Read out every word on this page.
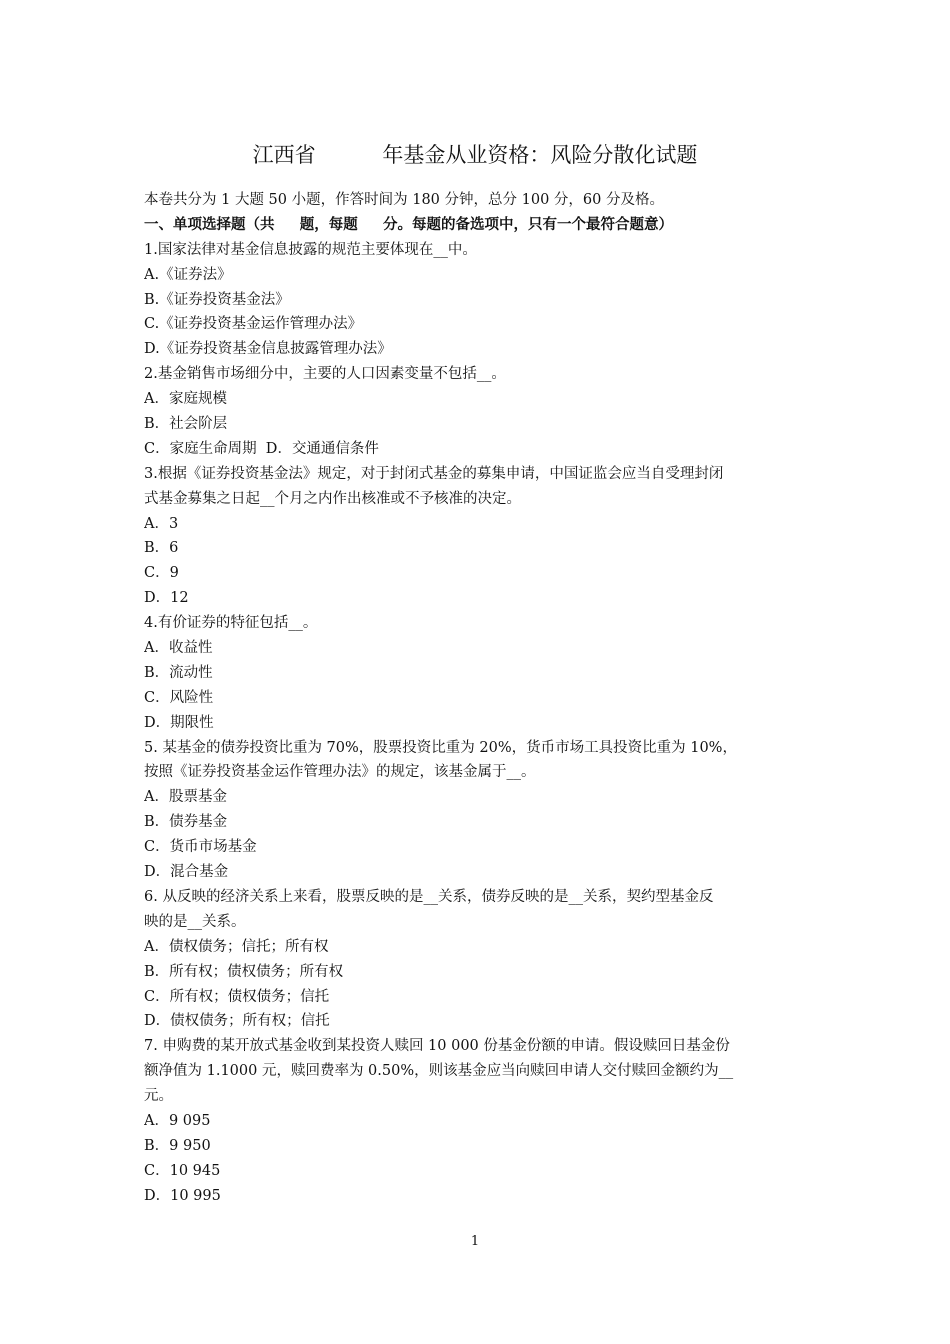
江西省          年基金从业资格：风险分散化试题
本卷共分为 1 大题 50 小题，作答时间为 180 分钟，总分 100 分，60 分及格。
一、单项选择题（共     题，每题     分。每题的备选项中，只有一个最符合题意）
1.国家法律对基金信息披露的规范主要体现在__中。
A.《证券法》
B.《证券投资基金法》
C.《证券投资基金运作管理办法》
D.《证券投资基金信息披露管理办法》
2.基金销售市场细分中，主要的人口因素变量不包括__。
A．家庭规模
B．社会阶层
C．家庭生命周期  D．交通通信条件
3.根据《证券投资基金法》规定，对于封闭式基金的募集申请，中国证监会应当自受理封闭
式基金募集之日起__个月之内作出核准或不予核准的决定。
A．3
B．6
C．9
D．12
4.有价证券的特征包括__。
A．收益性
B．流动性
C．风险性
D．期限性
5. 某基金的债券投资比重为 70%，股票投资比重为 20%，货币市场工具投资比重为 10%，
按照《证券投资基金运作管理办法》的规定，该基金属于__。
A．股票基金
B．债券基金
C．货币市场基金
D．混合基金
6. 从反映的经济关系上来看，股票反映的是__关系，债券反映的是__关系，契约型基金反
映的是__关系。
A．债权债务；信托；所有权
B．所有权；债权债务；所有权
C．所有权；债权债务；信托
D．债权债务；所有权；信托
7. 申购费的某开放式基金收到某投资人赎回 10 000 份基金份额的申请。假设赎回日基金份
额净值为 1.1000 元，赎回费率为 0.50%，则该基金应当向赎回申请人交付赎回金额约为__
元。
A．9 095
B．9 950
C．10 945
D．10 995
1
